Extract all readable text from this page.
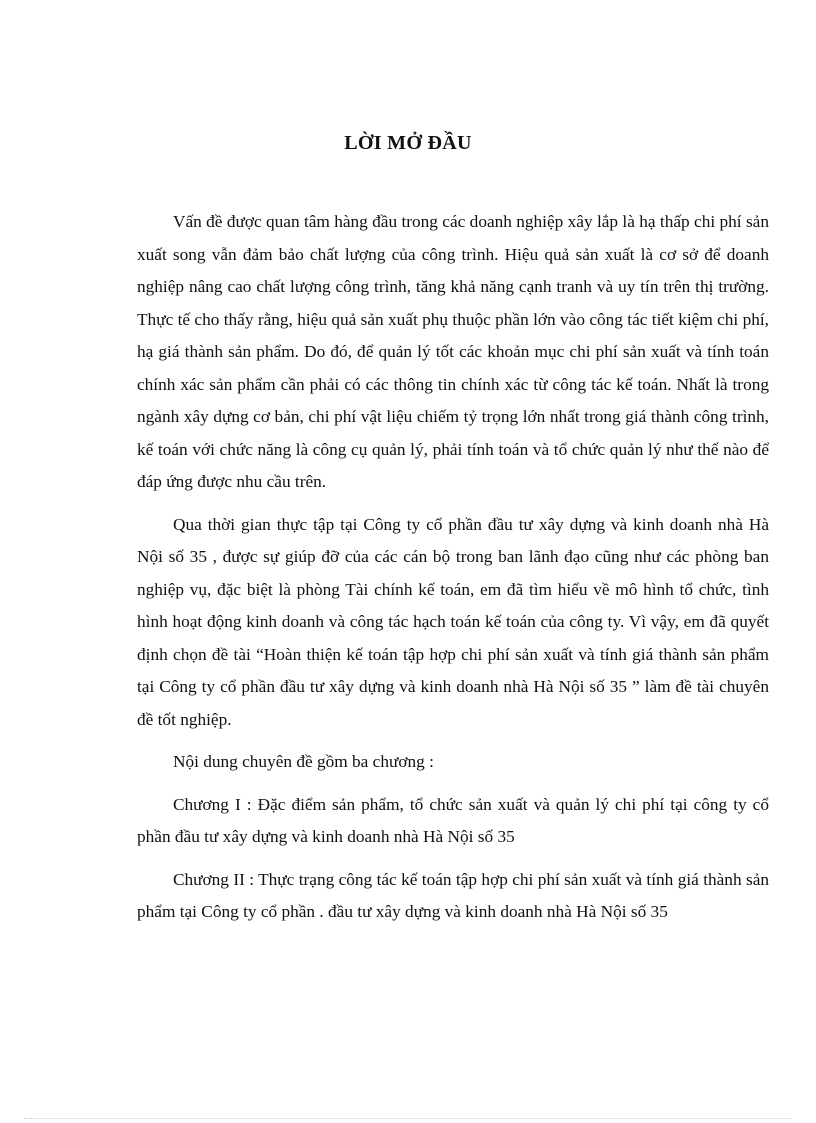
LỜI MỞ ĐẦU

Vấn đề được quan tâm hàng đầu trong các doanh nghiệp xây lắp là hạ thấp chi phí sản xuất song vẫn đảm bảo chất lượng của công trình. Hiệu quả sản xuất là cơ sở để doanh nghiệp nâng cao chất lượng công trình, tăng khả năng cạnh tranh và uy tín trên thị trường. Thực tế cho thấy rằng, hiệu quả sản xuất phụ thuộc phần lớn vào công tác tiết kiệm chi phí, hạ giá thành sản phẩm. Do đó, để quản lý tốt các khoản mục chi phí sản xuất và tính toán chính xác sản phẩm cần phải có các thông tin chính xác từ công tác kế toán. Nhất là trong ngành xây dựng cơ bản, chi phí vật liệu chiếm tỷ trọng lớn nhất trong giá thành công trình, kế toán với chức năng là công cụ quản lý, phải tính toán và tổ chức quản lý như thế nào để đáp ứng được nhu cầu trên.

Qua thời gian thực tập tại Công ty cổ phần đầu tư xây dựng và kinh doanh nhà Hà Nội số 35 , được sự giúp đỡ của các cán bộ trong ban lãnh đạo cũng như các phòng ban nghiệp vụ, đặc biệt là phòng Tài chính kế toán, em đã tìm hiểu về mô hình tổ chức, tình hình hoạt động kinh doanh và công tác hạch toán kế toán của công ty. Vì vậy, em đã quyết định chọn đề tài “Hoàn thiện kế toán tập hợp chi phí sản xuất và tính giá thành sản phẩm tại Công ty cổ phần đầu tư xây dựng và kinh doanh nhà Hà Nội số 35 ” làm đề tài chuyên đề tốt nghiệp.

Nội dung chuyên đề gồm ba chương :

Chương I : Đặc điểm sản phẩm, tổ chức sản xuất và quản lý chi phí tại công ty cổ phần đầu tư xây dựng và kinh doanh nhà Hà Nội số 35

Chương II : Thực trạng công tác kế toán tập hợp chi phí sản xuất và tính giá thành sản phẩm tại Công ty cổ phần . đầu tư xây dựng và kinh doanh nhà Hà Nội số 35
